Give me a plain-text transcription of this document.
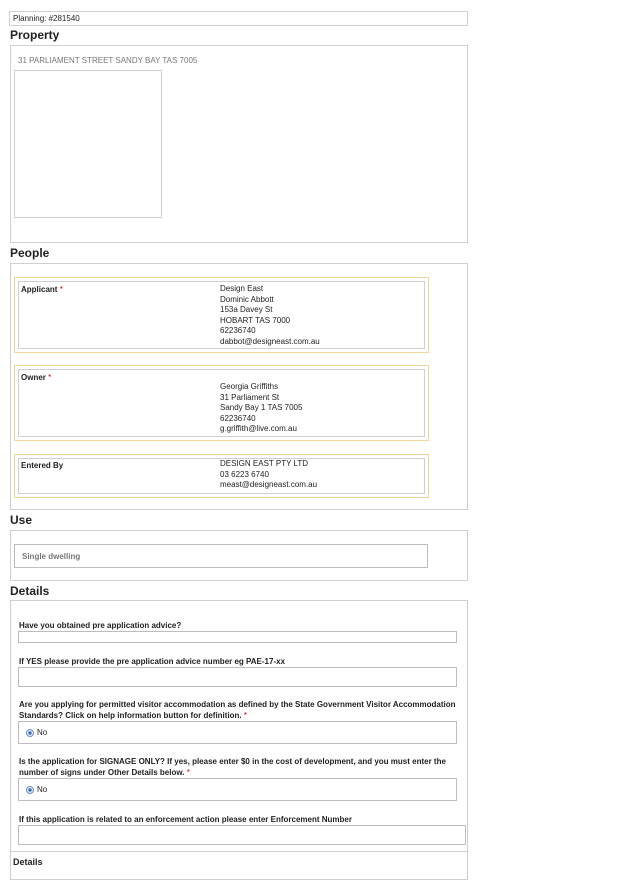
Planning: #281540
Property
31 PARLIAMENT STREET SANDY BAY TAS 7005
People
Applicant *	Design East
Dominic Abbott
153a Davey St
HOBART TAS 7000
62236740
dabbot@designeast.com.au
Owner *
Georgia Griffiths
31 Parliament St
Sandy Bay 1 TAS 7005
62236740
g.griffith@live.com.au
Entered By	DESIGN EAST PTY LTD
03 6223 6740
meast@designeast.com.au
Use
Single dwelling
Details
Have you obtained pre application advice?
If YES please provide the pre application advice number eg PAE-17-xx
Are you applying for permitted visitor accommodation as defined by the State Government Visitor Accommodation
Standards? Click on help information button for definition. *
No
Is the application for SIGNAGE ONLY? If yes, please enter $0 in the cost of development, and you must enter the
number of signs under Other Details below. *
No
If this application is related to an enforcement action please enter Enforcement Number
Details
